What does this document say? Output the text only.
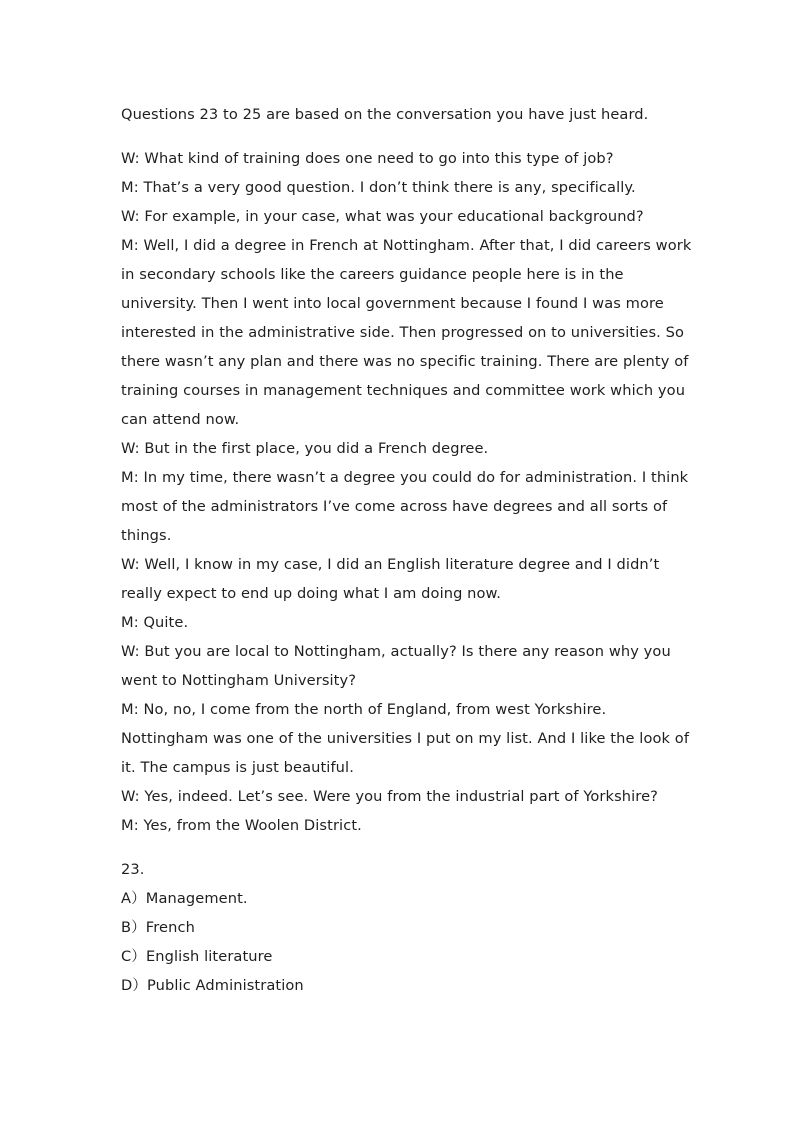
Questions 23 to 25 are based on the conversation you have just heard.

W: What kind of training does one need to go into this type of job?

M: That’s a very good question. I don’t think there is any, specifically.

W: For example, in your case, what was your educational background?

M: Well, I did a degree in French at Nottingham. After that, I did careers work

in secondary schools like the careers guidance people here is in the

university. Then I went into local government because I found I was more

interested in the administrative side. Then progressed on to universities. So

there wasn’t any plan and there was no specific training. There are plenty of

training courses in management techniques and committee work which you

can attend now.

W: But in the first place, you did a French degree.

M: In my time, there wasn’t a degree you could do for administration. I think

most of the administrators I’ve come across have degrees and all sorts of

things.

W: Well, I know in my case, I did an English literature degree and I didn’t

really expect to end up doing what I am doing now.

M: Quite.

W: But you are local to Nottingham, actually? Is there any reason why you

went to Nottingham University?

M: No, no, I come from the north of England, from west Yorkshire.

Nottingham was one of the universities I put on my list. And I like the look of

it. The campus is just beautiful.

W: Yes, indeed. Let’s see. Were you from the industrial part of Yorkshire?

M: Yes, from the Woolen District.

23.

A）Management.

B）French

C）English literature

D）Public Administration
